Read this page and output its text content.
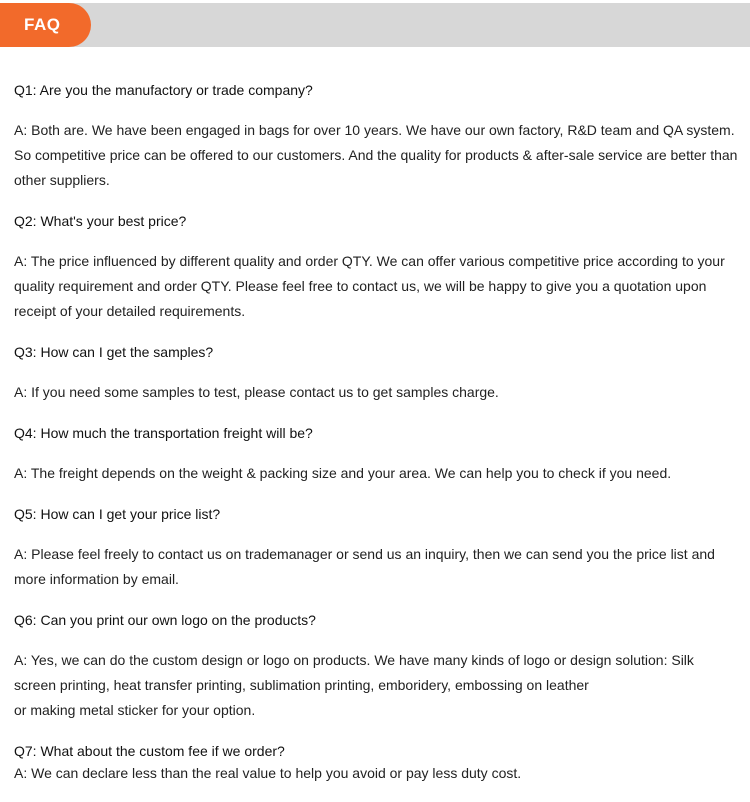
FAQ

Q1: Are you the manufactory or trade company?

A: Both are. We have been engaged in bags for over 10 years. We have our own factory, R&D team and QA system.
So competitive price can be offered to our customers. And the quality for products & after-sale service are better than
other suppliers.

Q2: What's your best price?

A: The price influenced by different quality and order QTY. We can offer various competitive price according to your
quality requirement and order QTY. Please feel free to contact us, we will be happy to give you a quotation upon
receipt of your detailed requirements.

Q3: How can I get the samples?

A: If you need some samples to test, please contact us to get samples charge.

Q4: How much the transportation freight will be?

A: The freight depends on the weight & packing size and your area. We can help you to check if you need.

Q5: How can I get your price list?

A: Please feel freely to contact us on trademanager or send us an inquiry, then we can send you the price list and
more information by email.

Q6: Can you print our own logo on the products?

A: Yes, we can do the custom design or logo on products. We have many kinds of logo or design solution: Silk
screen printing, heat transfer printing, sublimation printing, emboridery, embossing on leather
or making metal sticker for your option.

Q7: What about the custom fee if we order?

A: We can declare less than the real value to help you avoid or pay less duty cost.
